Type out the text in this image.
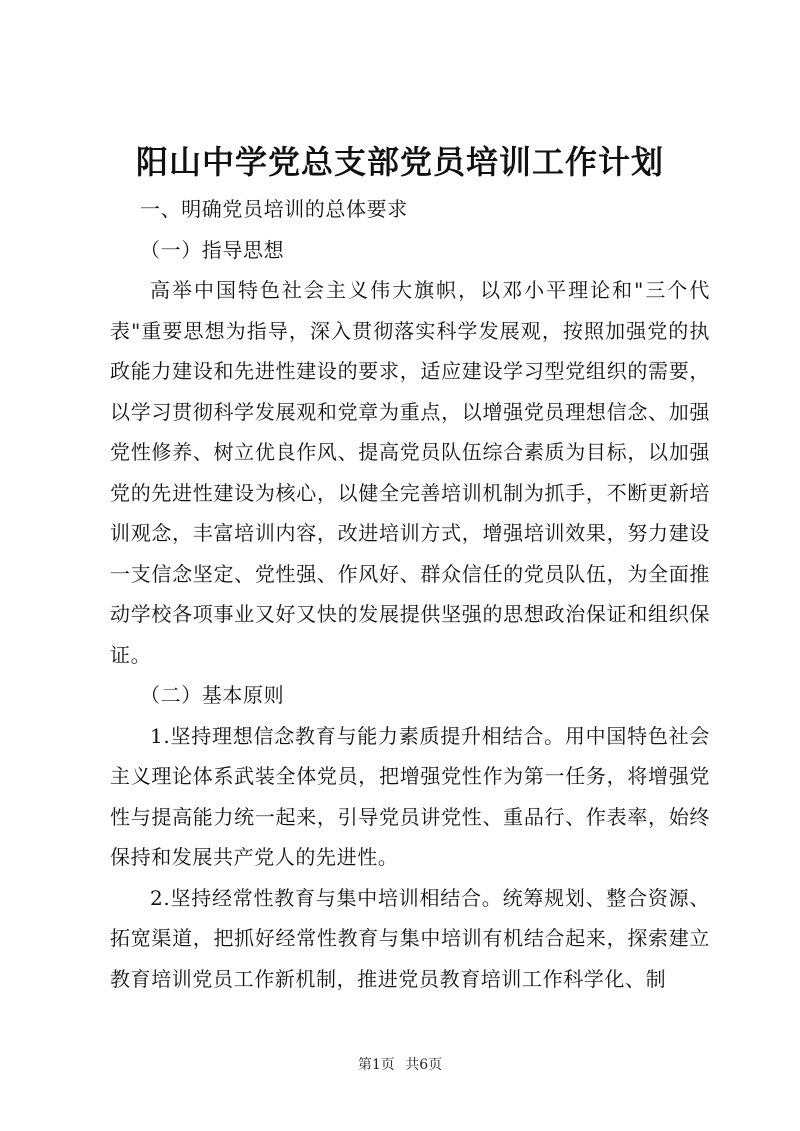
阳山中学党总支部党员培训工作计划

一、明确党员培训的总体要求

（一）指导思想

高举中国特色社会主义伟大旗帜，以邓小平理论和"三个代表"重要思想为指导，深入贯彻落实科学发展观，按照加强党的执政能力建设和先进性建设的要求，适应建设学习型党组织的需要，以学习贯彻科学发展观和党章为重点，以增强党员理想信念、加强党性修养、树立优良作风、提高党员队伍综合素质为目标，以加强党的先进性建设为核心，以健全完善培训机制为抓手，不断更新培训观念，丰富培训内容，改进培训方式，增强培训效果，努力建设一支信念坚定、党性强、作风好、群众信任的党员队伍，为全面推动学校各项事业又好又快的发展提供坚强的思想政治保证和组织保证。

（二）基本原则

1.坚持理想信念教育与能力素质提升相结合。用中国特色社会主义理论体系武装全体党员，把增强党性作为第一任务，将增强党性与提高能力统一起来，引导党员讲党性、重品行、作表率，始终保持和发展共产党人的先进性。

2.坚持经常性教育与集中培训相结合。统筹规划、整合资源、拓宽渠道，把抓好经常性教育与集中培训有机结合起来，探索建立教育培训党员工作新机制，推进党员教育培训工作科学化、制

第1页 共6页
